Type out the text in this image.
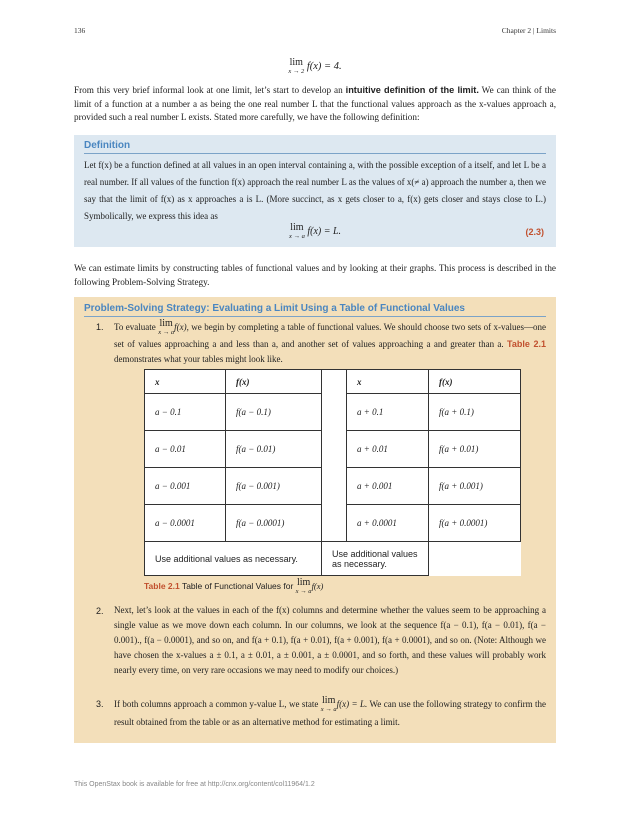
136	Chapter 2 | Limits
lim
x → 2 f(x) = 4.
From this very brief informal look at one limit, let’s start to develop an intuitive definition of the limit. We can think of the limit of a function at a number a as being the one real number L that the functional values approach as the x-values approach a, provided such a real number L exists. Stated more carefully, we have the following definition:
Definition
Let f(x) be a function defined at all values in an open interval containing a, with the possible exception of a itself, and let L be a real number. If all values of the function f(x) approach the real number L as the values of x(≠ a) approach the number a, then we say that the limit of f(x) as x approaches a is L. (More succinct, as x gets closer to a, f(x) gets closer and stays close to L.) Symbolically, we express this idea as
lim
x → a f(x) = L.	(2.3)
We can estimate limits by constructing tables of functional values and by looking at their graphs. This process is described in the following Problem-Solving Strategy.
Problem-Solving Strategy: Evaluating a Limit Using a Table of Functional Values
1. To evaluate lim
x → a
f(x), we begin by completing a table of functional values. We should choose two sets of x-values—one set of values approaching a and less than a, and another set of values approaching a and greater than a. Table 2.1 demonstrates what your tables might look like.
x	f(x)		x	f(x)
a − 0.1	f(a − 0.1)		a + 0.1	f(a + 0.1)
a − 0.01	f(a − 0.01)		a + 0.01	f(a + 0.01)
a − 0.001	f(a − 0.001)		a + 0.001	f(a + 0.001)
a − 0.0001	f(a − 0.0001)		a + 0.0001	f(a + 0.0001)
Use additional values as necessary.		Use additional values as necessary.		
Table 2.1 Table of Functional Values for lim
x → a
f(x)
2. Next, let’s look at the values in each of the f(x) columns and determine whether the values seem to be approaching a single value as we move down each column. In our columns, we look at the sequence f(a − 0.1), f(a − 0.01), f(a − 0.001)., f(a − 0.0001), and so on, and f(a + 0.1), f(a + 0.01), f(a + 0.001), f(a + 0.0001), and so on. (Note: Although we have chosen the x-values a ± 0.1, a ± 0.01, a ± 0.001, a ± 0.0001, and so forth, and these values will probably work nearly every time, on very rare occasions we may need to modify our choices.)
3. If both columns approach a common y-value L, we state lim
x → a
f(x) = L. We can use the following strategy to confirm the result obtained from the table or as an alternative method for estimating a limit.
This OpenStax book is available for free at http://cnx.org/content/col11964/1.2
